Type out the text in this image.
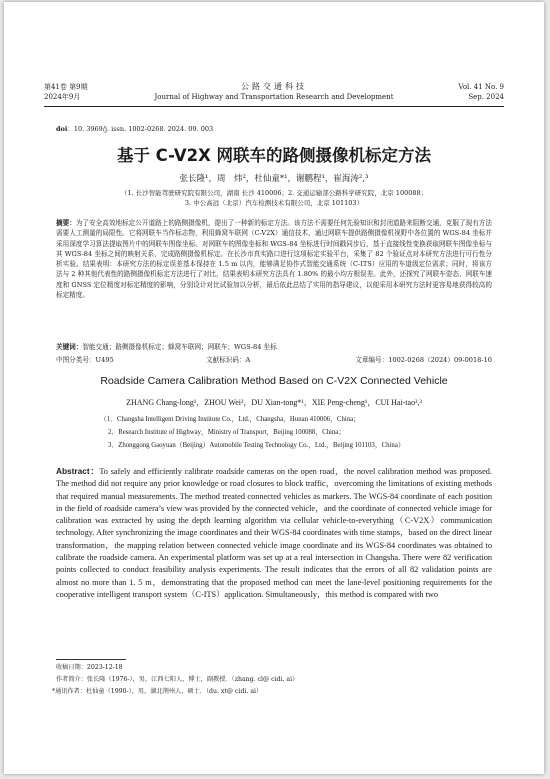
第41卷 第9期
2024年9月
公路交通科技
Journal of Highway and Transportation Research and Development
Vol. 41 No. 9
Sep. 2024
doi：10. 3969/j. issn. 1002-0268. 2024. 09. 003
基于 C-V2X 网联车的路侧摄像机标定方法
张长隆¹，周　炜²，杜仙童*¹，谢鹏程¹，崔海涛²,³
（1. 长沙智能驾驶研究院有限公司，湖南 长沙 410006；2. 交通运输部公路科学研究院，北京 100088；
3. 中公高远（北京）汽车检测技术有限公司，北京 101103）
摘要：为了安全高效地标定公开道路上的路侧摄像机，提出了一种新的标定方法。该方法不需要任何先验知识和封闭道路来阻断交通，克服了现有方法需要人工测量的局限性。它将网联车当作标志物，利用蜂窝车联网（C-V2X）通信技术，通过网联车提供路侧摄像机视野中各位置的 WGS-84 坐标并采用深度学习算法提取图片中的网联车图像坐标。对网联车的图像坐标和 WGS-84 坐标进行时间戳同步后，基于直接线性变换获取网联车图像坐标与其 WGS-84 坐标之间的映射关系，完成路侧摄像机标定。在长沙市真实路口进行这项标定实验平台，采集了 82 个验证点对本研究方法进行可行性分析实验。结果表明：本研究方法的标定误差基本保持在 1.5 m 以内，能够满足协作式智能交通系统（C-ITS）应用的车道级定位需求；同时，将该方法与 2 种其他代表性的路侧摄像机标定方法进行了对比，结果表明本研究方法具有 1.80% 的最小均方根误差。此外，还探究了网联车姿态、网联车速度和 GNSS 定位精度对标定精度的影响，分别设计对比试验加以分析，最后依此总结了实用的指导建议，以便采用本研究方法时更容易地获得较高的标定精度。
关键词：智能交通；路侧摄像机标定；蜂窝车联网；网联车；WGS-84 坐标
中图分类号：U495	文献标识码：A	文章编号：1002-0268（2024）09-0018-10
Roadside Camera Calibration Method Based on C-V2X Connected Vehicle
ZHANG Chang-long¹，ZHOU Wei²，DU Xian-tong*¹，XIE Peng-cheng¹，CUI Hai-tao²,³
（1．Changsha Intelligent Driving Institute Co.，Ltd.，Changsha，Hunan 410006，China；
2．Research Institute of Highway，Ministry of Transport，Beijing 100088，China；
3．Zhonggong Gaoyuan（Beijing）Automobile Testing Technology Co.，Ltd.，Beijing 101103，China）
Abstract：To safely and efficiently calibrate roadside cameras on the open road，the novel calibration method was proposed. The method did not require any prior knowledge or road closures to block traffic，overcoming the limitations of existing methods that required manual measurements. The method treated connected vehicles as markers. The WGS-84 coordinate of each position in the field of roadside camera’s view was provided by the connected vehicle，and the coordinate of connected vehicle image for calibration was extracted by using the depth learning algorithm via cellular vehicle-to-everything（C-V2X）communication technology. After synchronizing the image coordinates and their WGS-84 coordinates with time stamps，based on the direct linear transformation，the mapping relation between connected vehicle image coordinate and its WGS-84 coordinates was obtained to calibrate the roadside camera. An experimental platform was set up at a real intersection in Changsha. There were 82 verification points collected to conduct feasibility analysis experiments. The result indicates that the errors of all 82 validation points are almost no more than 1. 5 m，demonstrating that the proposed method can meet the lane-level positioning requirements for the cooperative intelligent transport system（C-ITS）application. Simultaneously，this method is compared with two
收稿日期：2023-12-18
作者简介：张长隆（1976-），男，江西七阳人，博士，副教授．（zhang. cl@ cidi. ai）
*通讯作者：杜仙童（1990-），男，湖北荆州人，硕士．（du. xt@ cidi. ai）
